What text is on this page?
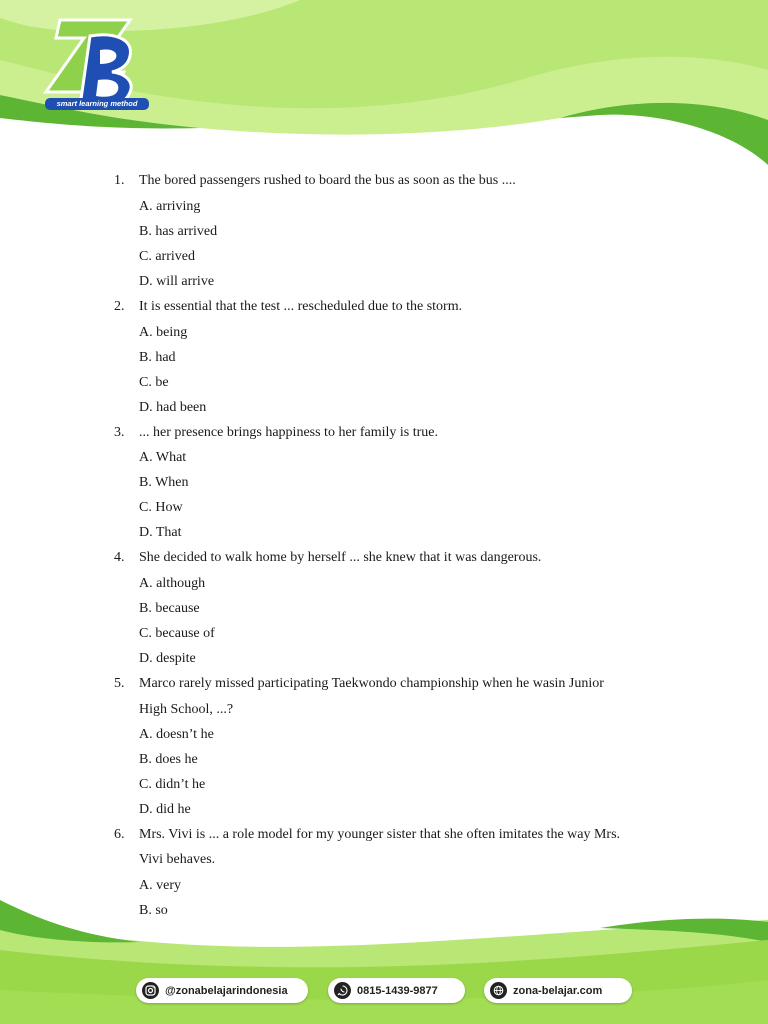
smart learning method
1. The bored passengers rushed to board the bus as soon as the bus ....
A. arriving
B. has arrived
C. arrived
D. will arrive
2. It is essential that the test ... rescheduled due to the storm.
A. being
B. had
C. be
D. had been
3. ... her presence brings happiness to her family is true.
A. What
B. When
C. How
D. That
4. She decided to walk home by herself ... she knew that it was dangerous.
A. although
B. because
C. because of
D. despite
5. Marco rarely missed participating Taekwondo championship when he wasin Junior
High School, ...?
A. doesn’t he
B. does he
C. didn’t he
D. did he
6. Mrs. Vivi is ... a role model for my younger sister that she often imitates the way Mrs.
Vivi behaves.
A. very
B. so
@zonabelajarindonesia	0815-1439-9877	zona-belajar.com
